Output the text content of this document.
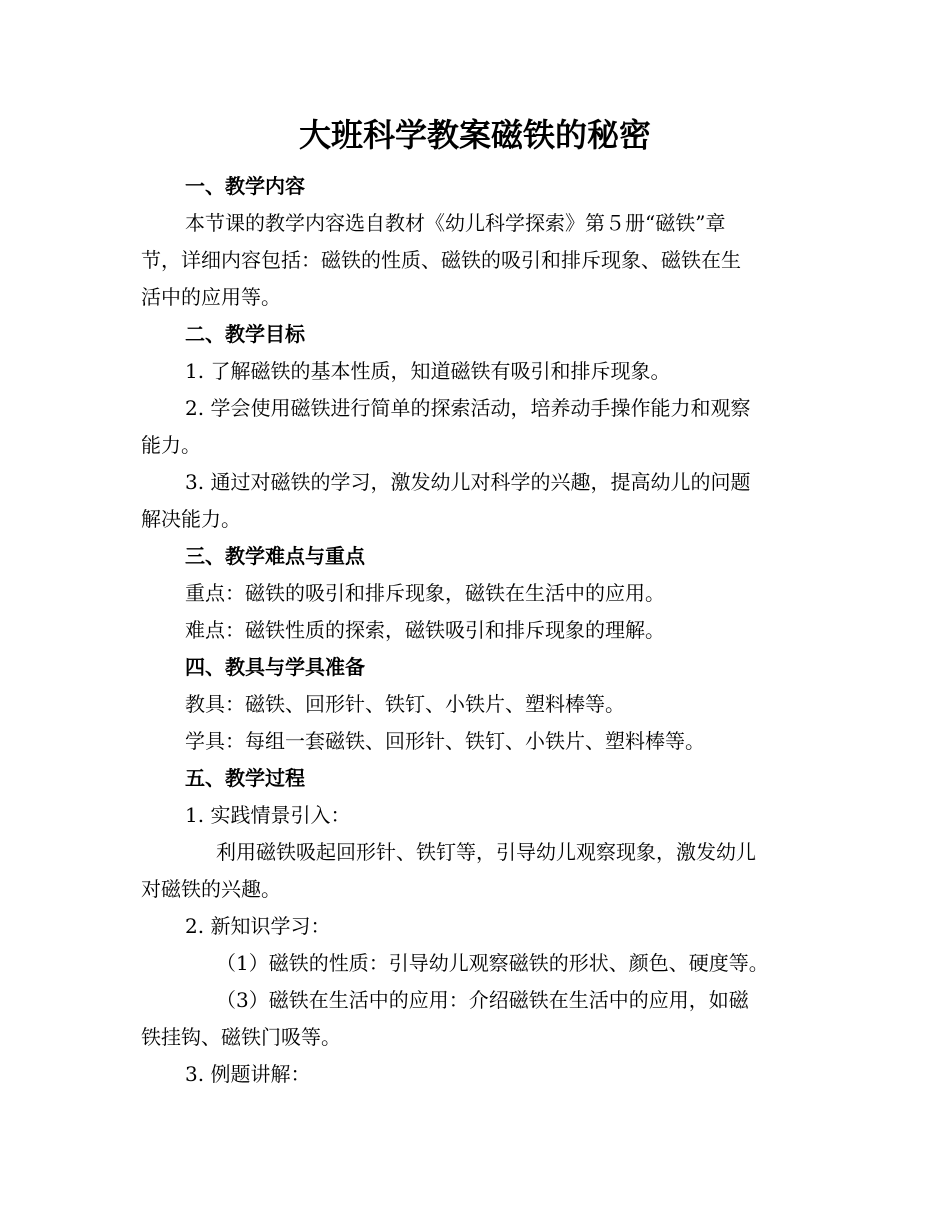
大班科学教案磁铁的秘密
一、教学内容
本节课的教学内容选自教材《幼儿科学探索》第５册“磁铁”章
节，详细内容包括：磁铁的性质、磁铁的吸引和排斥现象、磁铁在生
活中的应用等。
二、教学目标
1. 了解磁铁的基本性质，知道磁铁有吸引和排斥现象。
2. 学会使用磁铁进行简单的探索活动，培养动手操作能力和观察
能力。
3. 通过对磁铁的学习，激发幼儿对科学的兴趣，提高幼儿的问题
解决能力。
三、教学难点与重点
重点：磁铁的吸引和排斥现象，磁铁在生活中的应用。
难点：磁铁性质的探索，磁铁吸引和排斥现象的理解。
四、教具与学具准备
教具：磁铁、回形针、铁钉、小铁片、塑料棒等。
学具：每组一套磁铁、回形针、铁钉、小铁片、塑料棒等。
五、教学过程
1. 实践情景引入：
利用磁铁吸起回形针、铁钉等，引导幼儿观察现象，激发幼儿
对磁铁的兴趣。
2. 新知识学习：
（1）磁铁的性质：引导幼儿观察磁铁的形状、颜色、硬度等。
（3）磁铁在生活中的应用：介绍磁铁在生活中的应用，如磁
铁挂钩、磁铁门吸等。
3. 例题讲解：
